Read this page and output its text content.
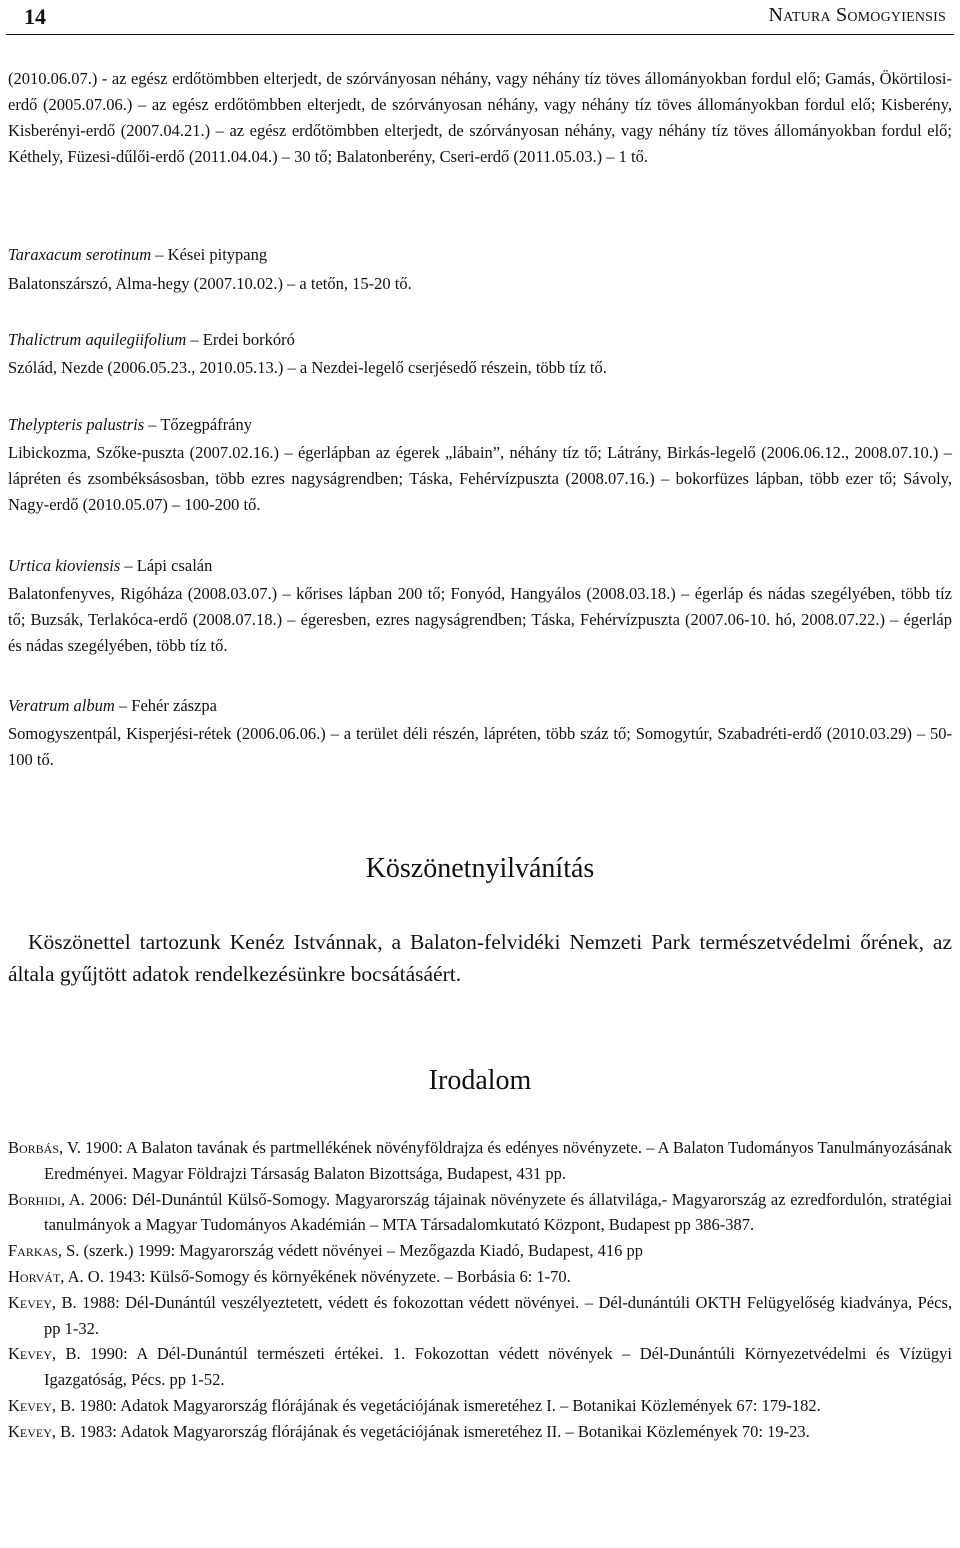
14	Natura Somogyiensis

(2010.06.07.) - az egész erdőtömbben elterjedt, de szórványosan néhány, vagy néhány tíz töves állományokban fordul elő; Gamás, Ökörtilosi-erdő (2005.07.06.) – az egész erdőtömbben elterjedt, de szórványosan néhány, vagy néhány tíz töves állományokban fordul elő; Kisberény, Kisberényi-erdő (2007.04.21.) – az egész erdőtömbben elterjedt, de szórványosan néhány, vagy néhány tíz töves állományokban fordul elő; Kéthely, Füzesi-dűlői-erdő (2011.04.04.) – 30 tő; Balatonberény, Cseri-erdő (2011.05.03.) – 1 tő.

Taraxacum serotinum – Kései pitypang

Balatonszárszó, Alma-hegy (2007.10.02.) – a tetőn, 15-20 tő.

Thalictrum aquilegiifolium – Erdei borkóró

Szólád, Nezde (2006.05.23., 2010.05.13.) – a Nezdei-legelő cserjésedő részein, több tíz tő.

Thelypteris palustris – Tőzegpáfrány

Libickozma, Szőke-puszta (2007.02.16.) – égerlápban az égerek „lábain”, néhány tíz tő; Látrány, Birkás-legelő (2006.06.12., 2008.07.10.) – lápréten és zsombéksásosban, több ezres nagyságrendben; Táska, Fehérvízpuszta (2008.07.16.) – bokorfüzes lápban, több ezer tő; Sávoly, Nagy-erdő (2010.05.07) – 100-200 tő.

Urtica kioviensis – Lápi csalán

Balatonfenyves, Rigóháza (2008.03.07.) – kőrises lápban 200 tő; Fonyód, Hangyálos (2008.03.18.) – égerláp és nádas szegélyében, több tíz tő; Buzsák, Terlakóca-erdő (2008.07.18.) – égeresben, ezres nagyságrendben; Táska, Fehérvízpuszta (2007.06-10. hó, 2008.07.22.) – égerláp és nádas szegélyében, több tíz tő.

Veratrum album – Fehér zászpa

Somogyszentpál, Kisperjési-rétek (2006.06.06.) – a terület déli részén, lápréten, több száz tő; Somogytúr, Szabadréti-erdő (2010.03.29) – 50-100 tő.

Köszönetnyilvánítás
Köszönettel tartozunk Kenéz Istvánnak, a Balaton-felvidéki Nemzeti Park természetvédelmi őrének, az általa gyűjtött adatok rendelkezésünkre bocsátásáért.
Irodalom

Borbás, V. 1900: A Balaton tavának és partmellékének növényföldrajza és edényes növényzete. – A Balaton Tudományos Tanulmányozásának Eredményei. Magyar Földrajzi Társaság Balaton Bizottsága, Budapest, 431 pp.

Borhidi, A. 2006: Dél-Dunántúl Külső-Somogy. Magyarország tájainak növényzete és állatvilága,- Magyarország az ezredfordulón, stratégiai tanulmányok a Magyar Tudományos Akadémián – MTA Társadalomkutató Központ, Budapest pp 386-387.

Farkas, S. (szerk.) 1999: Magyarország védett növényei – Mezőgazda Kiadó, Budapest, 416 pp

Horvát, A. O. 1943: Külső-Somogy és környékének növényzete. – Borbásia 6: 1-70.

Kevey, B. 1988: Dél-Dunántúl veszélyeztetett, védett és fokozottan védett növényei. – Dél-dunántúli OKTH Felügyelőség kiadványa, Pécs, pp 1-32.

Kevey, B. 1990: A Dél-Dunántúl természeti értékei. 1. Fokozottan védett növények – Dél-Dunántúli Környezetvédelmi és Vízügyi Igazgatóság, Pécs. pp 1-52.

Kevey, B. 1980: Adatok Magyarország flórájának és vegetációjának ismeretéhez I. – Botanikai Közlemények 67: 179-182.

Kevey, B. 1983: Adatok Magyarország flórájának és vegetációjának ismeretéhez II. – Botanikai Közlemények 70: 19-23.
